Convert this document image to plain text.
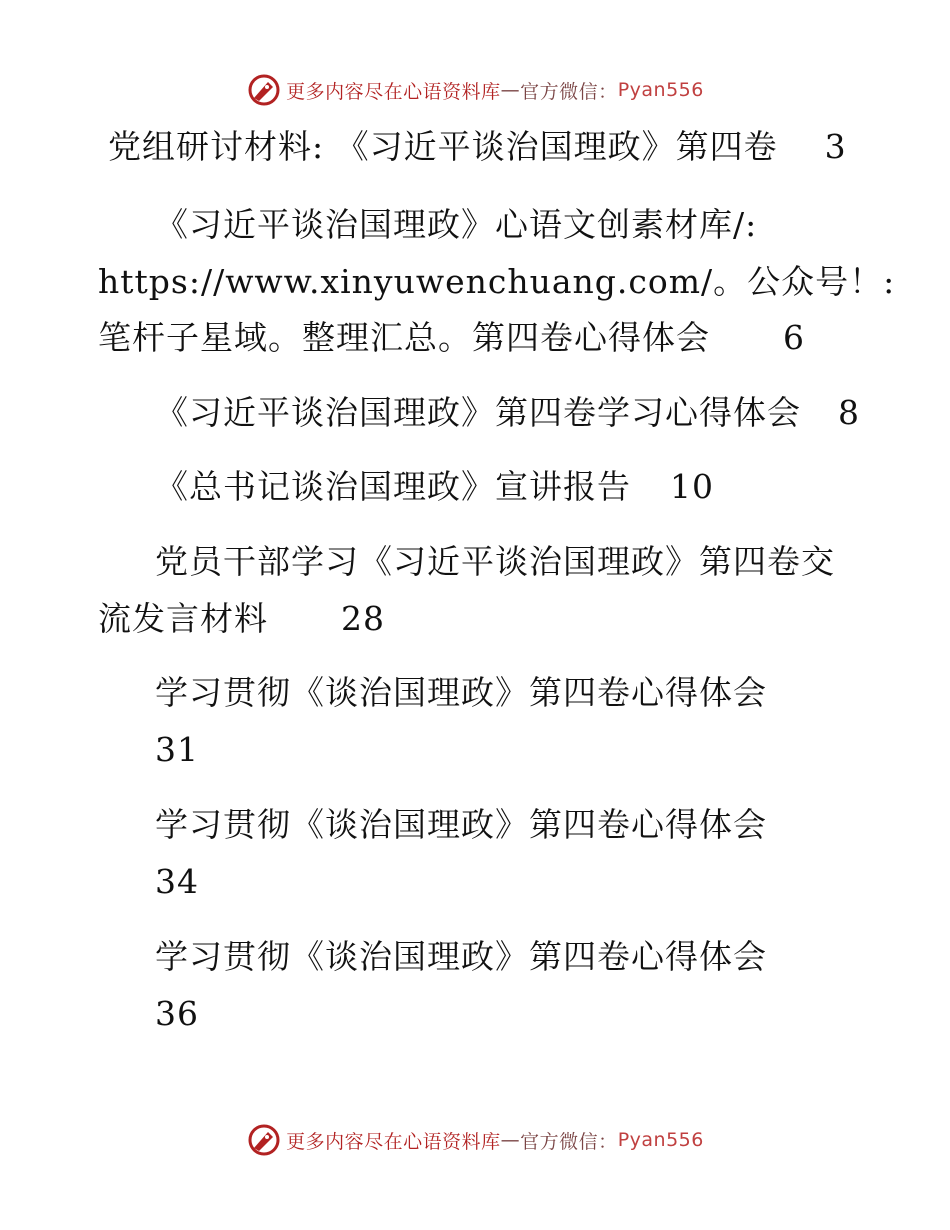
更多内容尽在心语资料库 — 官方微信： Pyan556
党组研讨材料: 《习近平谈治国理政》第四卷 3
《习近平谈治国理政》心语文创素材库/:
https://www.xinyuwenchuang.com/。公众号！:
笔杆子星域。整理汇总。第四卷心得体会 6
《习近平谈治国理政》第四卷学习心得体会 8
《总书记谈治国理政》宣讲报告 10
党员干部学习《习近平谈治国理政》第四卷交
流发言材料 28
学习贯彻《谈治国理政》第四卷心得体会
31
学习贯彻《谈治国理政》第四卷心得体会
34
学习贯彻《谈治国理政》第四卷心得体会
36
更多内容尽在心语资料库 — 官方微信： Pyan556
